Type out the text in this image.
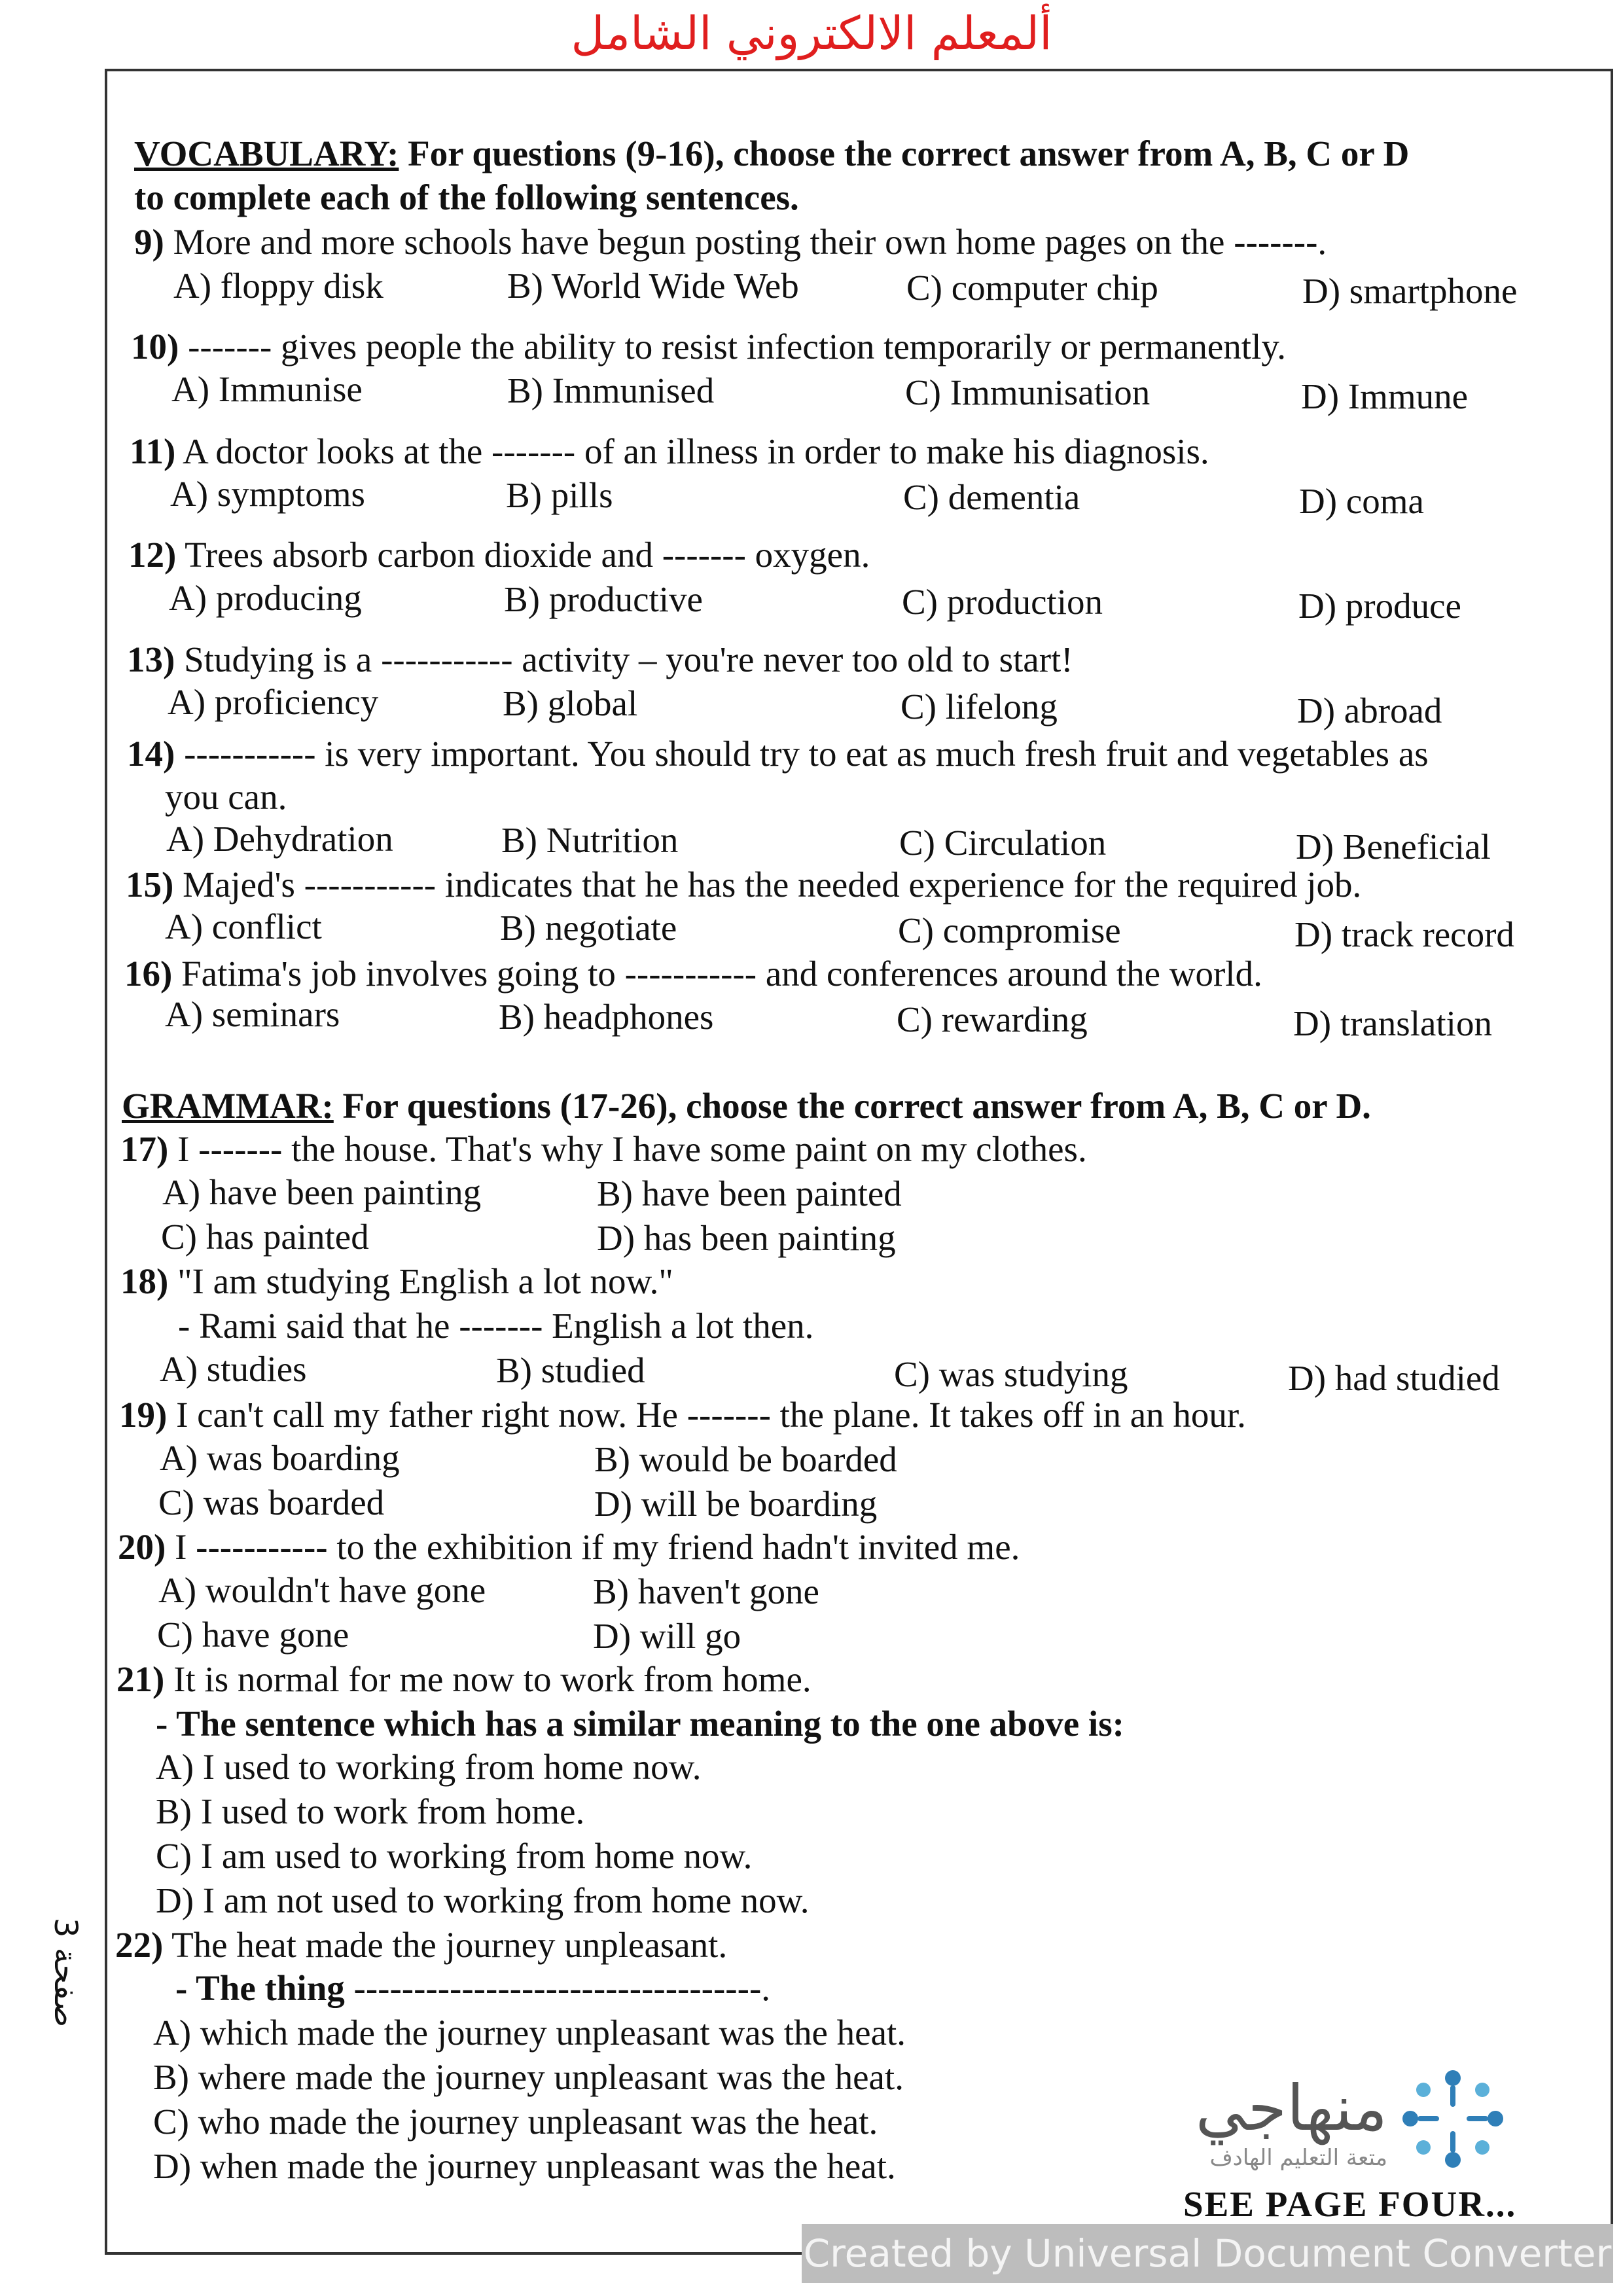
ألمعلم الالكتروني الشامل
VOCABULARY: For questions (9-16), choose the correct answer from A, B, C or D
to complete each of the following sentences.
9) More and more schools have begun posting their own home pages on the -------.
A) floppy disk	B) World Wide Web	C) computer chip	D) smartphone
10) ------- gives people the ability to resist infection temporarily or permanently.
A) Immunise	B) Immunised	C) Immunisation	D) Immune
11) A doctor looks at the ------- of an illness in order to make his diagnosis.
A) symptoms	B) pills	C) dementia	D) coma
12) Trees absorb carbon dioxide and ------- oxygen.
A) producing	B) productive	C) production	D) produce
13) Studying is a ----------- activity – you're never too old to start!
A) proficiency	B) global	C) lifelong	D) abroad
14) ----------- is very important. You should try to eat as much fresh fruit and vegetables as
you can.
A) Dehydration	B) Nutrition	C) Circulation	D) Beneficial
15) Majed's ----------- indicates that he has the needed experience for the required job.
A) conflict	B) negotiate	C) compromise	D) track record
16) Fatima's job involves going to ----------- and conferences around the world.
A) seminars	B) headphones	C) rewarding	D) translation
GRAMMAR: For questions (17-26), choose the correct answer from A, B, C or D.
17) I ------- the house. That's why I have some paint on my clothes.
A) have been painting	B) have been painted
C) has painted	D) has been painting
18) "I am studying English a lot now."
- Rami said that he ------- English a lot then.
A) studies	B) studied	C) was studying	D) had studied
19) I can't call my father right now. He ------- the plane. It takes off in an hour.
A) was boarding	B) would be boarded
C) was boarded	D) will be boarding
20) I ----------- to the exhibition if my friend hadn't invited me.
A) wouldn't have gone	B) haven't gone
C) have gone	D) will go
21) It is normal for me now to work from home.
- The sentence which has a similar meaning to the one above is:
A) I used to working from home now.
B) I used to work from home.
C) I am used to working from home now.
D) I am not used to working from home now.
22) The heat made the journey unpleasant.
- The thing ----------------------------------.
A) which made the journey unpleasant was the heat.
B) where made the journey unpleasant was the heat.
C) who made the journey unpleasant was the heat.
D) when made the journey unpleasant was the heat.
صفحة 3
منهاجي
متعة التعليم الهادف
SEE PAGE FOUR...
Created by Universal Document Converter
